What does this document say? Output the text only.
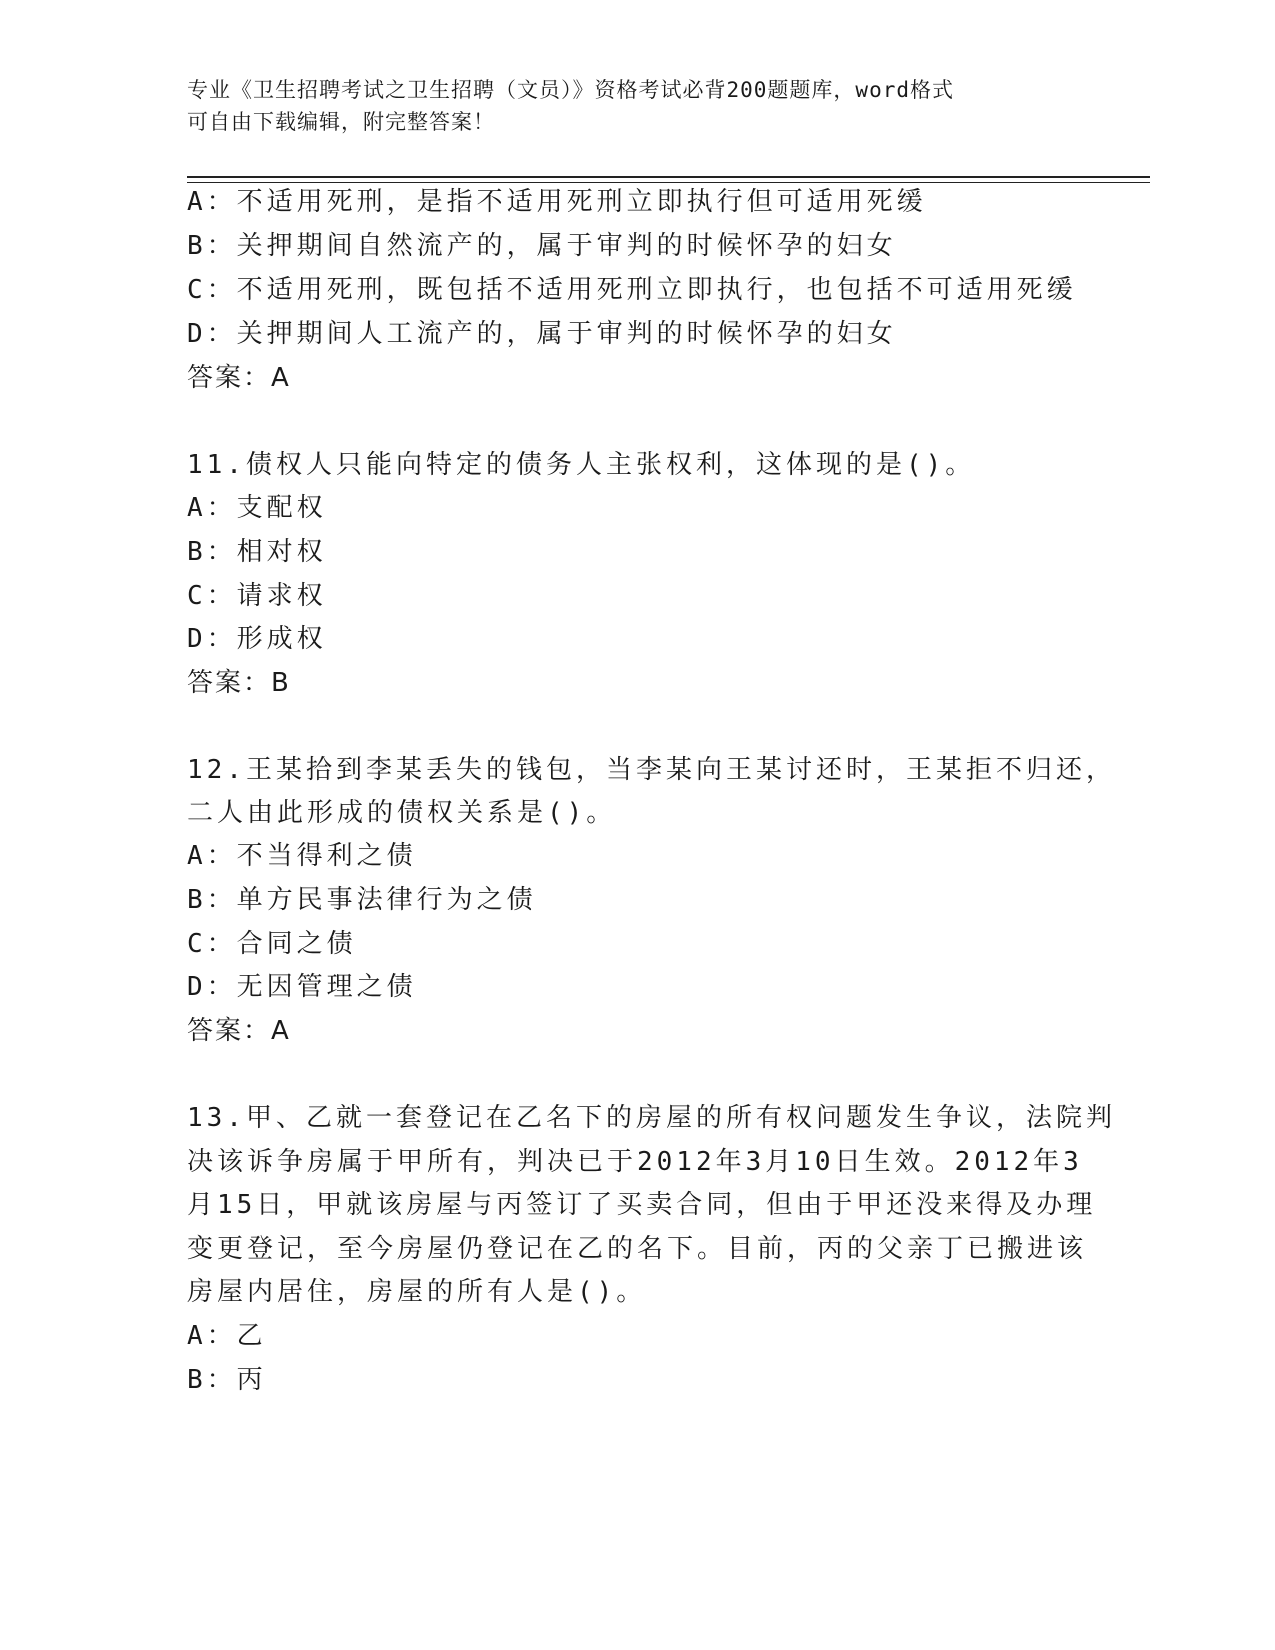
专业《卫生招聘考试之卫生招聘（文员）》资格考试必背200题题库，word格式
可自由下载编辑，附完整答案！
A：不适用死刑，是指不适用死刑立即执行但可适用死缓
B：关押期间自然流产的，属于审判的时候怀孕的妇女
C：不适用死刑，既包括不适用死刑立即执行，也包括不可适用死缓
D：关押期间人工流产的，属于审判的时候怀孕的妇女
答案：A
11.债权人只能向特定的债务人主张权利，这体现的是()。
A：支配权
B：相对权
C：请求权
D：形成权
答案：B
12.王某拾到李某丢失的钱包，当李某向王某讨还时，王某拒不归还，
二人由此形成的债权关系是()。
A：不当得利之债
B：单方民事法律行为之债
C：合同之债
D：无因管理之债
答案：A
13.甲、乙就一套登记在乙名下的房屋的所有权问题发生争议，法院判
决该诉争房属于甲所有，判决已于2012年3月10日生效。2012年3
月15日，甲就该房屋与丙签订了买卖合同，但由于甲还没来得及办理
变更登记，至今房屋仍登记在乙的名下。目前，丙的父亲丁已搬进该
房屋内居住，房屋的所有人是()。
A：乙
B：丙
